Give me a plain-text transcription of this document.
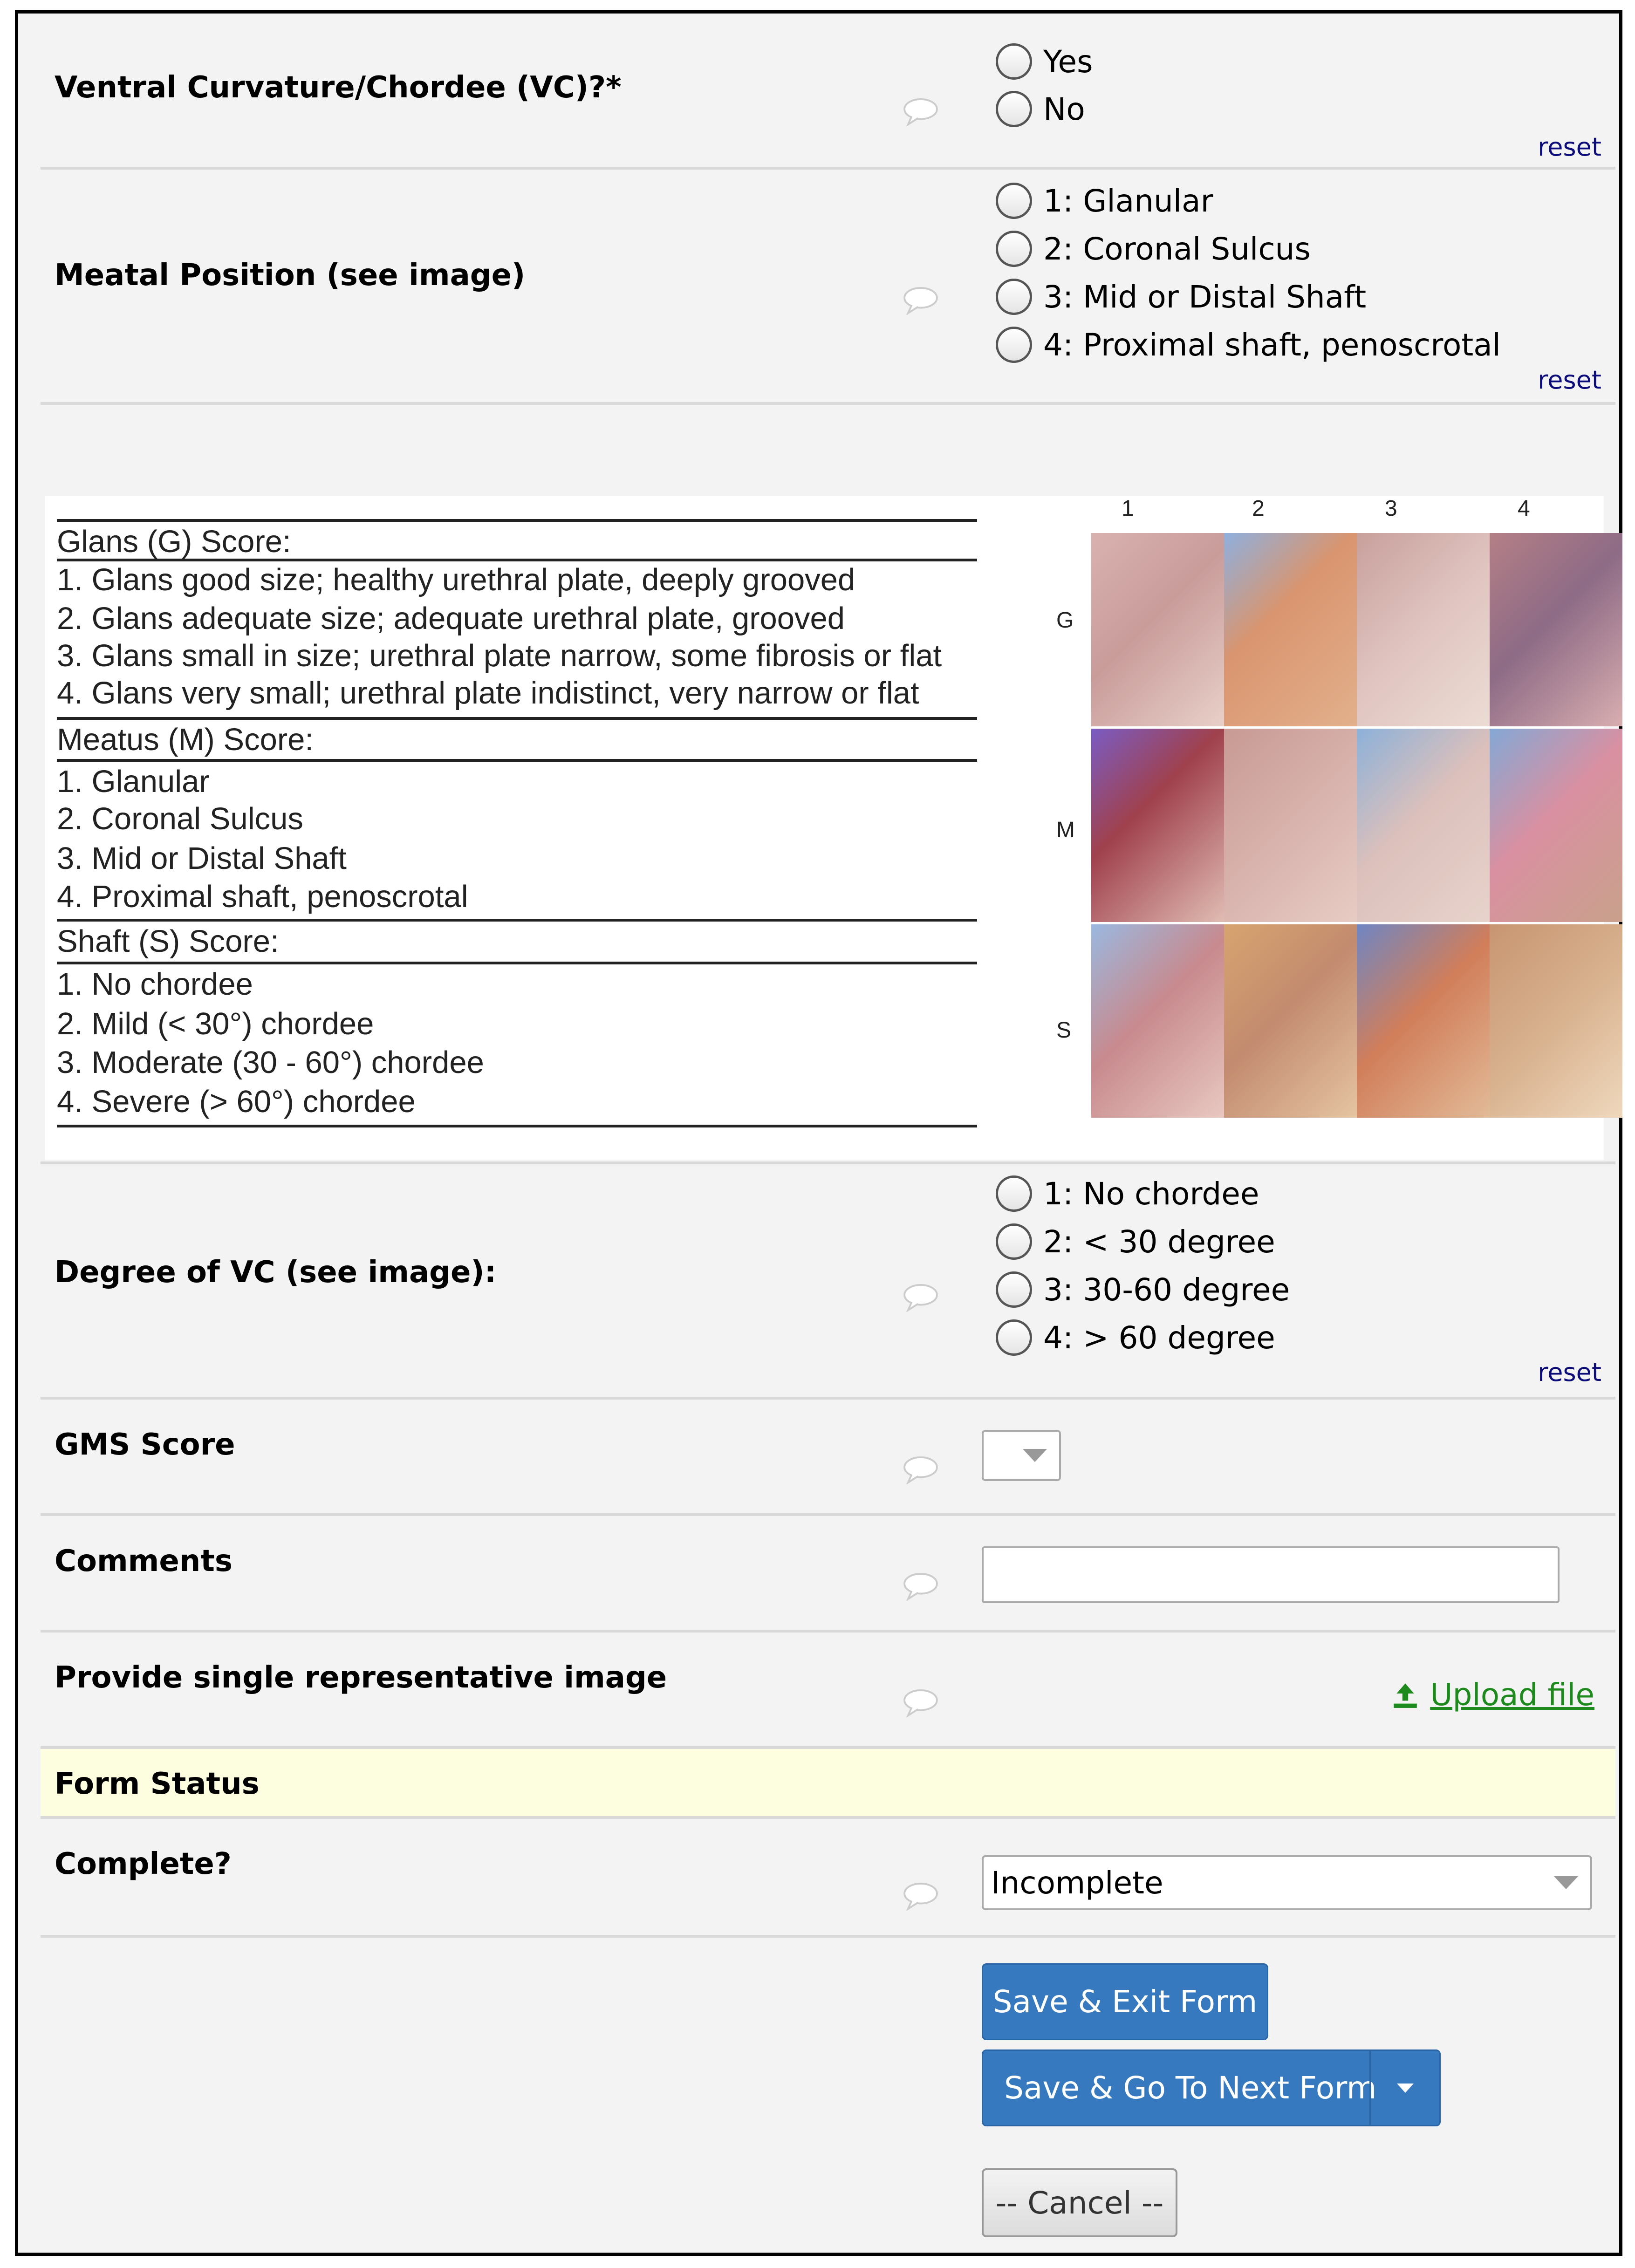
Ventral Curvature/Chordee (VC)?*
Yes
No
reset
Meatal Position (see image)
1: Glanular
2: Coronal Sulcus
3: Mid or Distal Shaft
4: Proximal shaft, penoscrotal
reset
Glans (G) Score:
1. Glans good size; healthy urethral plate, deeply grooved
2. Glans adequate size; adequate urethral plate, grooved
3. Glans small in size; urethral plate narrow, some fibrosis or flat
4. Glans very small; urethral plate indistinct, very narrow or flat
Meatus (M) Score:
1. Glanular
2. Coronal Sulcus
3. Mid or Distal Shaft
4. Proximal shaft, penoscrotal
Shaft (S) Score:
1. No chordee
2. Mild (< 30°) chordee
3. Moderate (30 - 60°) chordee
4. Severe (> 60°) chordee
1	2	3	4
G
M
S
Degree of VC (see image):
1: No chordee
2: < 30 degree
3: 30-60 degree
4: > 60 degree
reset
GMS Score
Comments
Provide single representative image	Upload file
Form Status
Complete?
Incomplete
Save & Exit Form
Save & Go To Next Form
-- Cancel --
